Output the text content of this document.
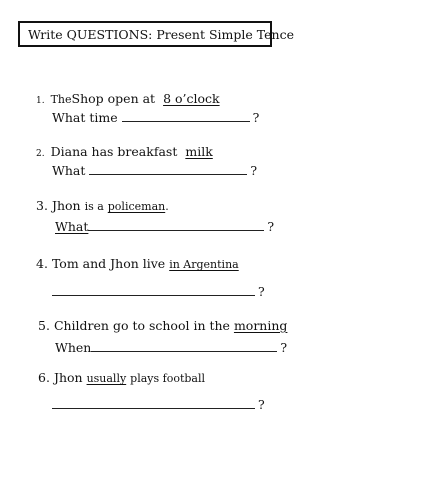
Write QUESTIONS: Present Simple Tence
1. TheShop open at 8 o’clock
What time	?
2. Diana has breakfast milk
What	?
3. Jhon is a policeman.
What	?
4. Tom and Jhon live in Argentina
?
5. Children go to school in the morning
When	?
6. Jhon usually plays football
?
